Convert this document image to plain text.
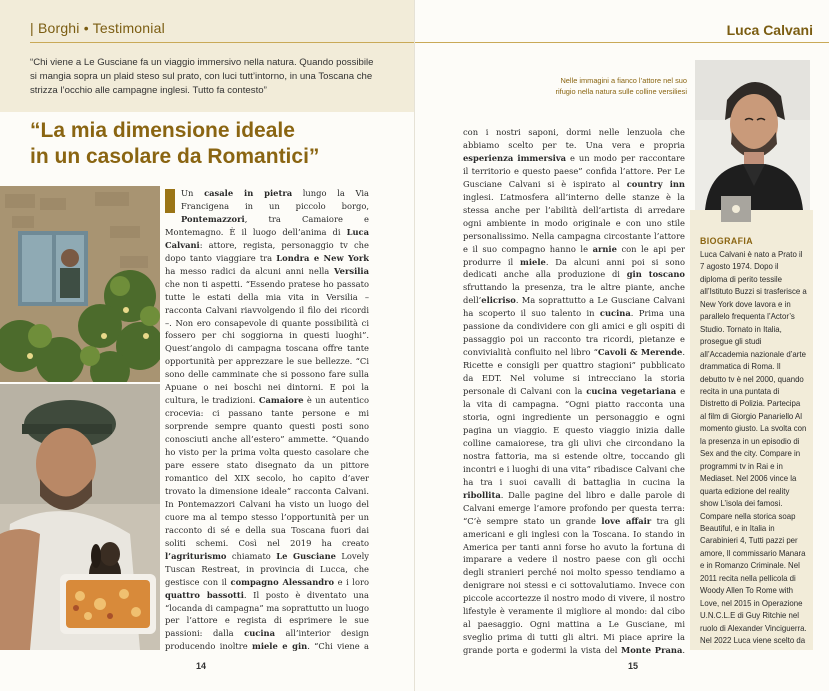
| Borghi • Testimonial

“Chi viene a Le Gusciane fa un viaggio immersivo nella natura. Quando possibile si mangia sopra un plaid steso sul prato, con luci tutt’intorno, in una Toscana che strizza l’occhio alle campagne inglesi. Tutto fa contesto”

“La mia dimensione ideale
in un casolare da Romantici”
Un casale in pietra lungo la Via Francigena in un piccolo borgo, Pontemazzori, tra Camaiore e Montemagno. È il luogo dell’anima di Luca Calvani: attore, regista, personaggio tv che dopo tanto viaggiare tra Londra e New York ha messo radici da alcuni anni nella Versilia che non ti aspetti. “Essendo pratese ho passato tutte le estati della mia vita in Versilia – racconta Calvani riavvolgendo il filo dei ricordi –. Non ero consapevole di quante possibilità ci fossero per chi soggiorna in questi luoghi”. Quest’angolo di campagna toscana offre tante opportunità per apprezzare le sue bellezze. “Ci sono delle camminate che si possono fare sulla Apuane o nei boschi nei dintorni. E poi la cultura, le tradizioni. Camaiore è un autentico crocevia: ci passano tante persone e mi sorprende sempre quanto questi posti sono conosciuti anche all’estero” ammette. “Quando ho visto per la prima volta questo casolare che pare essere stato disegnato da un pittore romantico del XIX secolo, ho capito d’aver trovato la dimensione ideale” racconta Calvani. In Pontemazzori Calvani ha visto un luogo del cuore ma al tempo stesso l’opportunità per un racconto di sé e della sua Toscana fuori dai soliti schemi. Così nel 2019 ha creato l’agriturismo chiamato Le Gusciane Lovely Tuscan Restreat, in provincia di Lucca, che gestisce con il compagno Alessandro e i loro quattro bassotti. Il posto è diventato una “locanda di campagna” ma soprattutto un luogo per l’attore e regista di esprimere le sue passioni: dalla cucina all’interior design producendo inoltre miele e gin. “Chi viene a
14
Luca Calvani

Nelle immagini a fianco l’attore nel suo rifugio nella natura sulle colline versiliesi

con i nostri saponi, dormi nelle lenzuola che abbiamo scelto per te. Una vera e propria esperienza immersiva e un modo per raccontare il territorio e questo paese” confida l’attore. Per Le Gusciane Calvani si è ispirato al country inn inglesi. L’atmosfera all’interno delle stanze è la stessa anche per l’abilità dell’artista di arredare ogni ambiente in modo originale e con uno stile personalissimo. Nella campagna circostante l’attore e il suo compagno hanno le arnie con le api per produrre il miele. Da alcuni anni poi si sono dedicati anche alla produzione di gin toscano sfruttando la presenza, tra le altre piante, anche dell’elicriso. Ma soprattutto a Le Gusciane Calvani ha scoperto il suo talento in cucina. Prima una passione da condividere con gli amici e gli ospiti di passaggio poi un racconto tra ricordi, pietanze e convivialità confluito nel libro “Cavoli & Merende. Ricette e consigli per quattro stagioni” pubblicato da EDT. Nel volume si intrecciano la storia personale di Calvani con la cucina vegetariana e la vita di campagna. “Ogni piatto racconta una storia, ogni ingrediente un personaggio e ogni pagina un viaggio. E questo viaggio inizia dalle colline camaiorese, tra gli ulivi che circondano la nostra fattoria, ma si estende oltre, toccando gli incontri e i luoghi di una vita” ribadisce Calvani che ha tra i suoi cavalli di battaglia in cucina la ribollita. Dalle pagine del libro e dalle parole di Calvani emerge l’amore profondo per questa terra: “C’è sempre stato un grande love affair tra gli americani e gli inglesi con la Toscana. Io stando in America per tanti anni forse ho avuto la fortuna di imparare a vedere il nostro paese con gli occhi degli stranieri perché noi molto spesso tendiamo a denigrare noi stessi e ci sottovalutiamo. Invece con piccole accortezze il nostro modo di vivere, il nostro lifestyle è veramente il migliore al mondo: dal cibo al paesaggio. Ogni mattina a Le Gusciane, mi sveglio prima di tutti gli altri. Mi piace aprire la grande porta e godermi la vista del Monte Prana.
BIOGRAFIA

Luca Calvani è nato a Prato il 7 agosto 1974. Dopo il diploma di perito tessile all’Istituto Buzzi si trasferisce a New York dove lavora e in parallelo frequenta l’Actor’s Studio. Tornato in Italia, prosegue gli studi all’Accademia nazionale d’arte drammatica di Roma. Il debutto tv è nel 2000, quando recita in una puntata di Distretto di Polizia. Partecipa al film di Giorgio Panariello Al momento giusto. La svolta con la presenza in un episodio di Sex and the city. Compare in programmi tv in Rai e in Mediaset. Nel 2006 vince la quarta edizione del reality show L’isola dei famosi. Compare nella storica soap Beautiful, e in Italia in Carabinieri 4, Tutti pazzi per amore, Il commissario Manara e in Romanzo Criminale. Nel 2011 recita nella pellicola di Woody Allen To Rome with Love, nel 2015 in Operazione U.N.C.L.E di Guy Ritchie nel ruolo di Alexander Vinciguerra. Nel 2022 Luca viene scelto da

15
